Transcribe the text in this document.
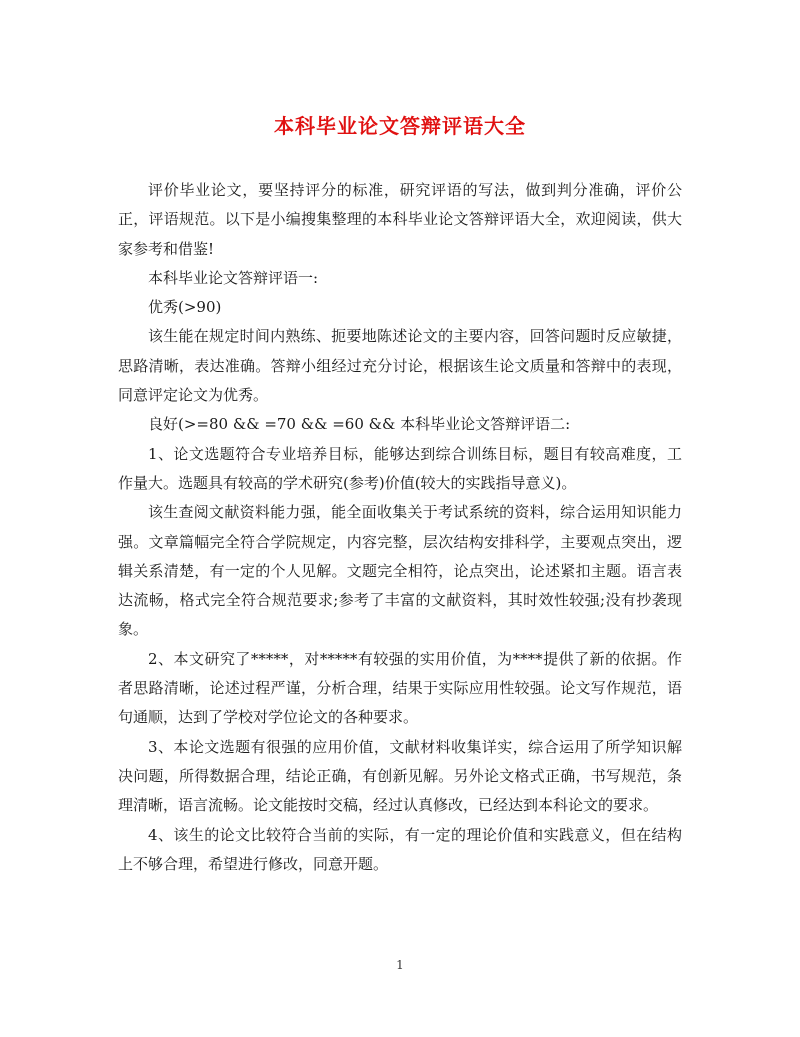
本科毕业论文答辩评语大全

评价毕业论文，要坚持评分的标准，研究评语的写法，做到判分准确，评价公正，评语规范。以下是小编搜集整理的本科毕业论文答辩评语大全，欢迎阅读，供大家参考和借鉴!

本科毕业论文答辩评语一:

优秀(>90)

该生能在规定时间内熟练、扼要地陈述论文的主要内容，回答问题时反应敏捷，思路清晰，表达准确。答辩小组经过充分讨论，根据该生论文质量和答辩中的表现，同意评定论文为优秀。

良好(>=80 && =70 && =60 && 本科毕业论文答辩评语二:

1、论文选题符合专业培养目标，能够达到综合训练目标，题目有较高难度，工作量大。选题具有较高的学术研究(参考)价值(较大的实践指导意义)。

该生查阅文献资料能力强，能全面收集关于考试系统的资料，综合运用知识能力强。文章篇幅完全符合学院规定，内容完整，层次结构安排科学，主要观点突出，逻辑关系清楚，有一定的个人见解。文题完全相符，论点突出，论述紧扣主题。语言表达流畅，格式完全符合规范要求;参考了丰富的文献资料，其时效性较强;没有抄袭现象。

2、本文研究了*****，对*****有较强的实用价值，为****提供了新的依据。作者思路清晰，论述过程严谨，分析合理，结果于实际应用性较强。论文写作规范，语句通顺，达到了学校对学位论文的各种要求。

3、本论文选题有很强的应用价值，文献材料收集详实，综合运用了所学知识解决问题，所得数据合理，结论正确，有创新见解。另外论文格式正确，书写规范，条理清晰，语言流畅。论文能按时交稿，经过认真修改，已经达到本科论文的要求。

4、该生的论文比较符合当前的实际，有一定的理论价值和实践意义，但在结构上不够合理，希望进行修改，同意开题。

1
